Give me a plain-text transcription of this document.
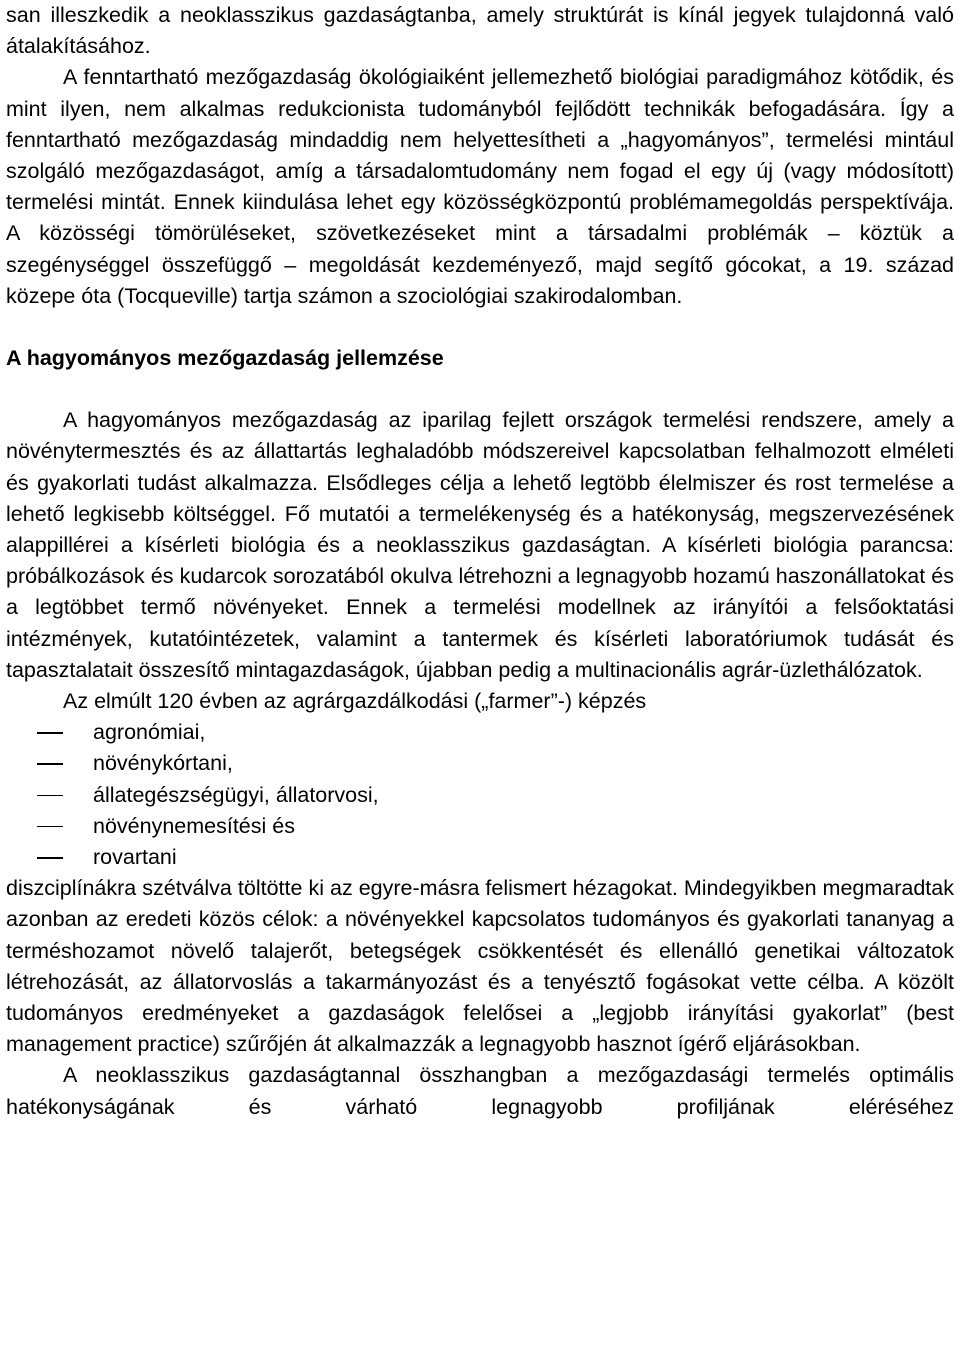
san illeszkedik a neoklasszikus gazdaságtanba, amely struktúrát is kínál jegyek tulajdonná való átalakításához.

A fenntartható mezőgazdaság ökológiaiként jellemezhető biológiai paradigmához kötődik, és mint ilyen, nem alkalmas redukcionista tudományból fejlődött technikák befogadására. Így a fenntartható mezőgazdaság mindaddig nem helyettesítheti a „hagyományos”, termelési mintául szolgáló mezőgazdaságot, amíg a társadalomtudomány nem fogad el egy új (vagy módosított) termelési mintát. Ennek kiindulása lehet egy közösségközpontú problémamegoldás perspektívája. A közösségi tömörüléseket, szövetkezéseket mint a társadalmi problémák – köztük a szegénységgel összefüggő – megoldását kezdeményező, majd segítő gócokat, a 19. század közepe óta (Tocqueville) tartja számon a szociológiai szakirodalomban.

A hagyományos mezőgazdaság jellemzése

A hagyományos mezőgazdaság az iparilag fejlett országok termelési rendszere, amely a növénytermesztés és az állattartás leghaladóbb módszereivel kapcsolatban felhalmozott elméleti és gyakorlati tudást alkalmazza. Elsődleges célja a lehető legtöbb élelmiszer és rost termelése a lehető legkisebb költséggel. Fő mutatói a termelékenység és a hatékonyság, megszervezésének alappillérei a kísérleti biológia és a neoklasszikus gazdaságtan. A kísérleti biológia parancsa: próbálkozások és kudarcok sorozatából okulva létrehozni a legnagyobb hozamú haszonállatokat és a legtöbbet termő növényeket. Ennek a termelési modellnek az irányítói a felsőoktatási intézmények, kutatóintézetek, valamint a tantermek és kísérleti laboratóriumok tudását és tapasztalatait összesítő mintagazdaságok, újabban pedig a multinacionális agrár-üzlethálózatok.

Az elmúlt 120 évben az agrárgazdálkodási („farmer”-) képzés

agronómiai,
növénykórtani,
állategészségügyi, állatorvosi,
növénynemesítési és
rovartani

diszciplínákra szétválva töltötte ki az egyre-másra felismert hézagokat. Mindegyikben megmaradtak azonban az eredeti közös célok: a növényekkel kapcsolatos tudományos és gyakorlati tananyag a terméshozamot növelő talajerőt, betegségek csökkentését és ellenálló genetikai változatok létrehozását, az állatorvoslás a takarmányozást és a tenyésztő fogásokat vette célba. A közölt tudományos eredményeket a gazdaságok felelősei a „legjobb irányítási gyakorlat” (best management practice) szűrőjén át alkalmazzák a legnagyobb hasznot ígérő eljárásokban.

A neoklasszikus gazdaságtannal összhangban a mezőgazdasági termelés optimális hatékonyságának és várható legnagyobb profiljának eléréséhez
